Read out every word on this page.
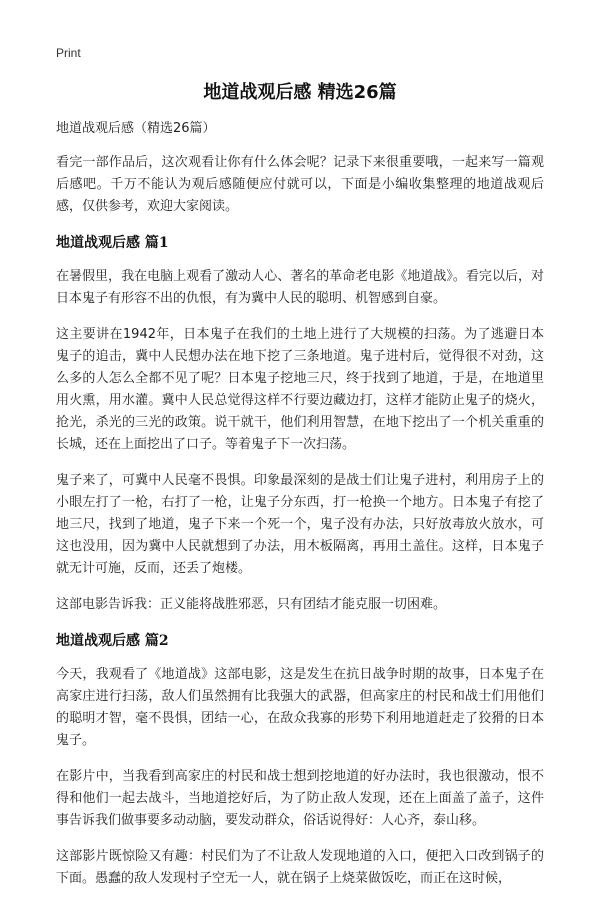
Print
地道战观后感 精选26篇
地道战观后感（精选26篇）

看完一部作品后，这次观看让你有什么体会呢？记录下来很重要哦，一起来写一篇观后感吧。千万不能认为观后感随便应付就可以，下面是小编收集整理的地道战观后感，仅供参考，欢迎大家阅读。

地道战观后感 篇1

在暑假里，我在电脑上观看了激动人心、著名的革命老电影《地道战》。看完以后，对日本鬼子有形容不出的仇恨，有为冀中人民的聪明、机智感到自豪。

这主要讲在1942年，日本鬼子在我们的土地上进行了大规模的扫荡。为了逃避日本鬼子的追击，冀中人民想办法在地下挖了三条地道。鬼子进村后，觉得很不对劲，这么多的人怎么全都不见了呢？日本鬼子挖地三尺，终于找到了地道，于是，在地道里用火熏，用水灌。冀中人民总觉得这样不行要边藏边打，这样才能防止鬼子的烧火，抢光，杀光的三光的政策。说干就干，他们利用智慧，在地下挖出了一个机关重重的长城，还在上面挖出了口子。等着鬼子下一次扫荡。

鬼子来了，可冀中人民毫不畏惧。印象最深刻的是战士们让鬼子进村，利用房子上的小眼左打了一枪，右打了一枪，让鬼子分东西，打一枪换一个地方。日本鬼子有挖了地三尺，找到了地道，鬼子下来一个死一个，鬼子没有办法，只好放毒放火放水，可这也没用，因为冀中人民就想到了办法，用木板隔离，再用土盖住。这样，日本鬼子就无计可施，反而，还丢了炮楼。

这部电影告诉我：正义能将战胜邪恶，只有团结才能克服一切困难。

地道战观后感 篇2

今天，我观看了《地道战》这部电影，这是发生在抗日战争时期的故事，日本鬼子在高家庄进行扫荡，敌人们虽然拥有比我强大的武器，但高家庄的村民和战士们用他们的聪明才智，毫不畏惧，团结一心，在敌众我寡的形势下利用地道赶走了狡猾的日本鬼子。

在影片中，当我看到高家庄的村民和战士想到挖地道的好办法时，我也很激动，恨不得和他们一起去战斗，当地道挖好后，为了防止敌人发现，还在上面盖了盖子，这件事告诉我们做事要多动动脑，要发动群众，俗话说得好：人心齐，泰山移。

这部影片既惊险又有趣：村民们为了不让敌人发现地道的入口，便把入口改到锅子的下面。愚蠢的敌人发现村子空无一人，就在锅子上烧菜做饭吃，而正在这时候，
